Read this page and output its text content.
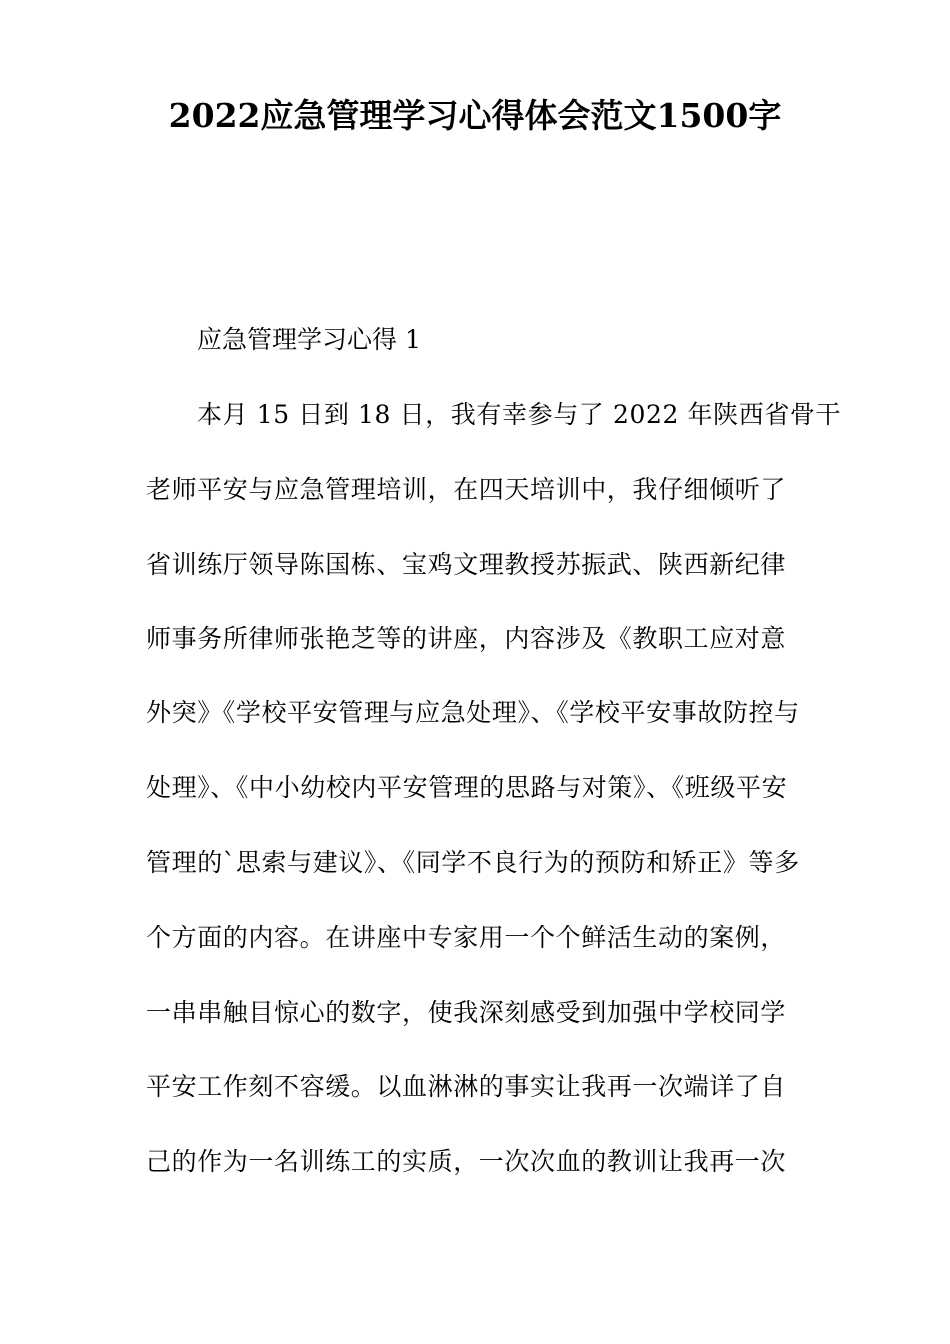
2022应急管理学习心得体会范文1500字
应急管理学习心得 1
本月 15 日到 18 日，我有幸参与了 2022 年陕西省骨干
老师平安与应急管理培训，在四天培训中，我仔细倾听了
省训练厅领导陈国栋、宝鸡文理教授苏振武、陕西新纪律
师事务所律师张艳芝等的讲座，内容涉及《教职工应对意
外突》《学校平安管理与应急处理》、《学校平安事故防控与
处理》、《中小幼校内平安管理的思路与对策》、《班级平安
管理的`思索与建议》、《同学不良行为的预防和矫正》等多
个方面的内容。在讲座中专家用一个个鲜活生动的案例，
一串串触目惊心的数字，使我深刻感受到加强中学校同学
平安工作刻不容缓。以血淋淋的事实让我再一次端详了自
己的作为一名训练工的实质，一次次血的教训让我再一次
